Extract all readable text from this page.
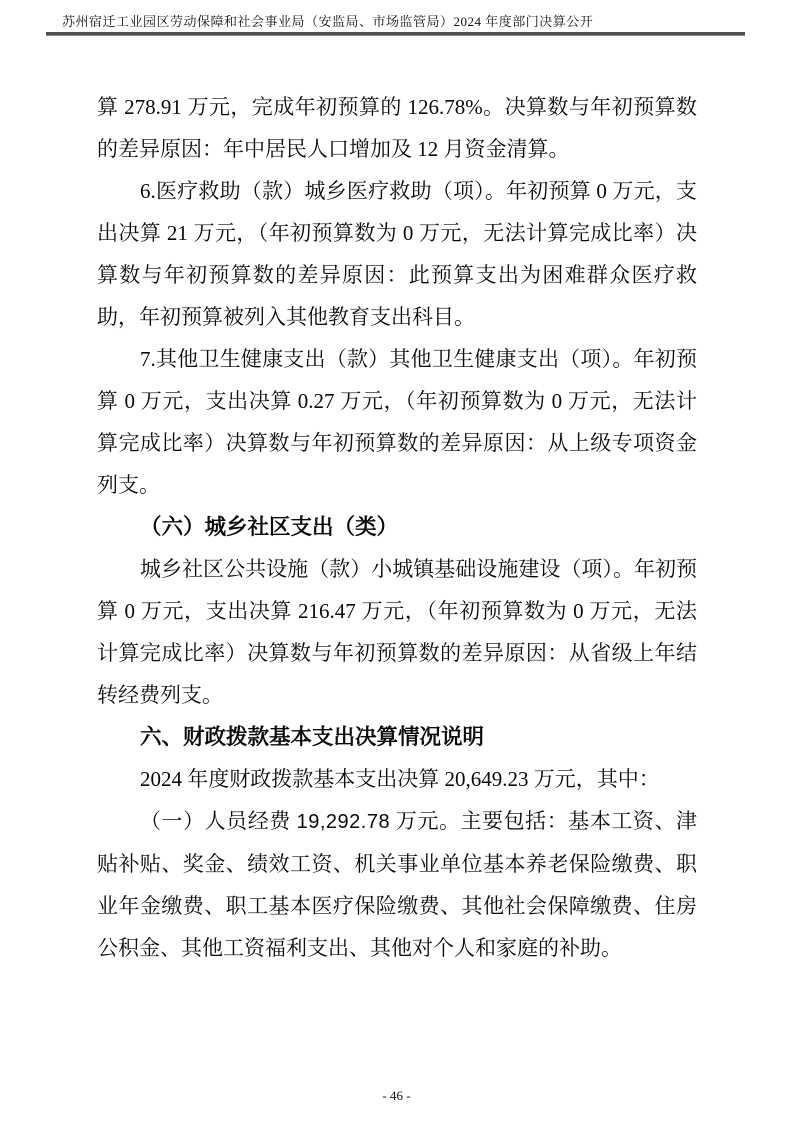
苏州宿迁工业园区劳动保障和社会事业局（安监局、市场监管局）2024 年度部门决算公开

算 278.91 万元，完成年初预算的 126.78%。决算数与年初预算数的差异原因：年中居民人口增加及 12 月资金清算。

6.医疗救助（款）城乡医疗救助（项）。年初预算 0 万元，支出决算 21 万元，（年初预算数为 0 万元，无法计算完成比率）决算数与年初预算数的差异原因：此预算支出为困难群众医疗救助，年初预算被列入其他教育支出科目。

7.其他卫生健康支出（款）其他卫生健康支出（项）。年初预算 0 万元，支出决算 0.27 万元，（年初预算数为 0 万元，无法计算完成比率）决算数与年初预算数的差异原因：从上级专项资金列支。

（六）城乡社区支出（类）

城乡社区公共设施（款）小城镇基础设施建设（项）。年初预算 0 万元，支出决算 216.47 万元，（年初预算数为 0 万元，无法计算完成比率）决算数与年初预算数的差异原因：从省级上年结转经费列支。

六、财政拨款基本支出决算情况说明

2024 年度财政拨款基本支出决算 20,649.23 万元，其中：

（一）人员经费 19,292.78 万元。主要包括：基本工资、津贴补贴、奖金、绩效工资、机关事业单位基本养老保险缴费、职业年金缴费、职工基本医疗保险缴费、其他社会保障缴费、住房公积金、其他工资福利支出、其他对个人和家庭的补助。

- 46 -
